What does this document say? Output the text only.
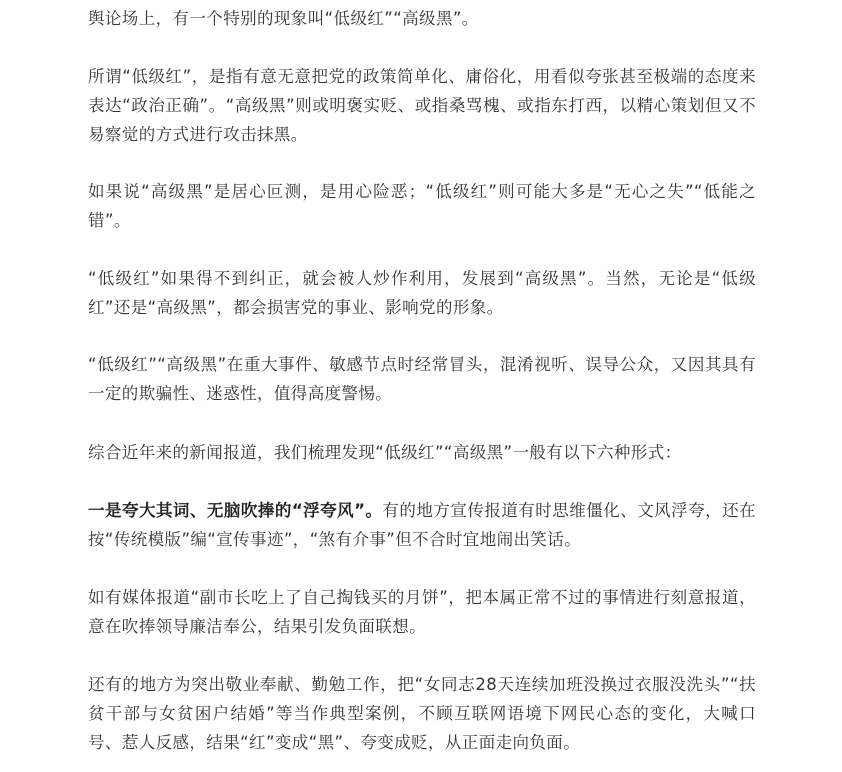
舆论场上，有一个特别的现象叫“低级红”“高级黑”。

所谓“低级红”，是指有意无意把党的政策简单化、庸俗化，用看似夸张甚至极端的态度来表达“政治正确”。“高级黑”则或明褒实贬、或指桑骂槐、或指东打西，以精心策划但又不易察觉的方式进行攻击抹黑。

如果说“高级黑”是居心叵测，是用心险恶；“低级红”则可能大多是“无心之失”“低能之错”。

“低级红”如果得不到纠正，就会被人炒作利用，发展到“高级黑”。当然，无论是“低级红”还是“高级黑”，都会损害党的事业、影响党的形象。

“低级红”“高级黑”在重大事件、敏感节点时经常冒头，混淆视听、误导公众，又因其具有一定的欺骗性、迷惑性，值得高度警惕。

综合近年来的新闻报道，我们梳理发现“低级红”“高级黑”一般有以下六种形式：

一是夸大其词、无脑吹捧的“浮夸风”。有的地方宣传报道有时思维僵化、文风浮夸，还在按“传统模版”编“宣传事迹”，“煞有介事”但不合时宜地闹出笑话。

如有媒体报道“副市长吃上了自己掏钱买的月饼”，把本属正常不过的事情进行刻意报道，意在吹捧领导廉洁奉公，结果引发负面联想。

还有的地方为突出敬业奉献、勤勉工作，把“女同志28天连续加班没换过衣服没洗头”“扶贫干部与女贫困户结婚”等当作典型案例，不顾互联网语境下网民心态的变化，大喊口号、惹人反感，结果“红”变成“黑”、夸变成贬，从正面走向负面。
